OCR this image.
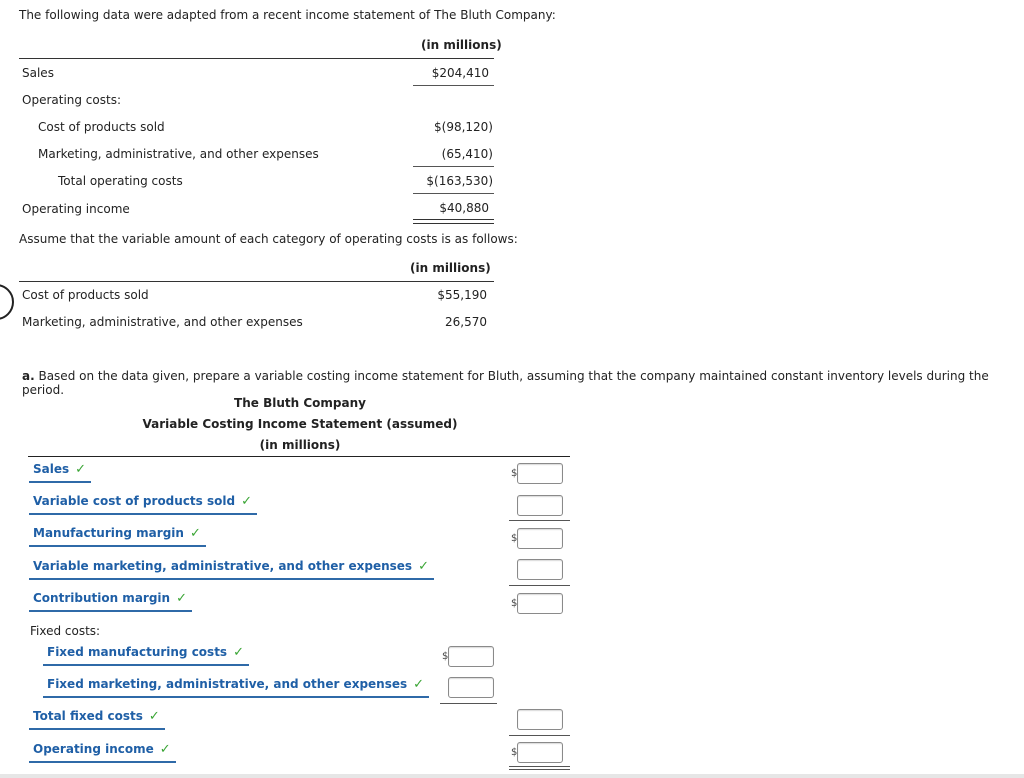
The following data were adapted from a recent income statement of The Bluth Company:
(in millions)
Sales	$204,410
Operating costs:
Cost of products sold	$(98,120)
Marketing, administrative, and other expenses	(65,410)
Total operating costs	$(163,530)
Operating income	$40,880
Assume that the variable amount of each category of operating costs is as follows:
(in millions)
Cost of products sold	$55,190
Marketing, administrative, and other expenses	26,570
a. Based on the data given, prepare a variable costing income statement for Bluth, assuming that the company maintained constant inventory levels during the period.
The Bluth Company
Variable Costing Income Statement (assumed)
(in millions)
Sales ✓	$
Variable cost of products sold ✓
Manufacturing margin ✓	$
Variable marketing, administrative, and other expenses ✓
Contribution margin ✓	$
Fixed costs:
Fixed manufacturing costs ✓	$
Fixed marketing, administrative, and other expenses ✓
Total fixed costs ✓
Operating income ✓	$
